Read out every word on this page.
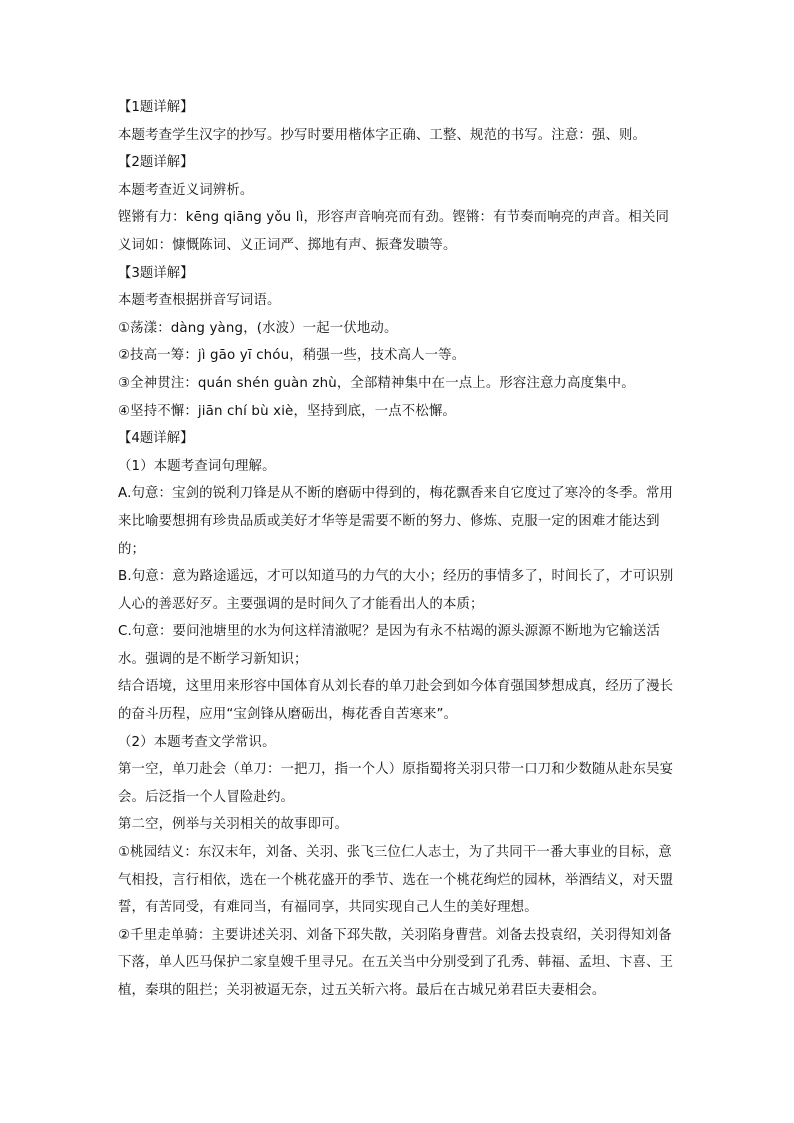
【1题详解】

本题考查学生汉字的抄写。抄写时要用楷体字正确、工整、规范的书写。注意：强、则。

【2题详解】

本题考查近义词辨析。

铿锵有力：kēng qiāng yǒu lì，形容声音响亮而有劲。铿锵：有节奏而响亮的声音。相关同义词如：慷慨陈词、义正词严、掷地有声、振聋发聩等。

【3题详解】

本题考查根据拼音写词语。

①荡漾：dàng yàng，(水波）一起一伏地动。

②技高一筹：jì gāo yī chóu，稍强一些，技术高人一等。

③全神贯注：quán shén guàn zhù，全部精神集中在一点上。形容注意力高度集中。

④坚持不懈：jiān chí bù xiè，坚持到底，一点不松懈。

【4题详解】

（1）本题考查词句理解。

A.句意：宝剑的锐利刀锋是从不断的磨砺中得到的，梅花飘香来自它度过了寒冷的冬季。常用来比喻要想拥有珍贵品质或美好才华等是需要不断的努力、修炼、克服一定的困难才能达到的；

B.句意：意为路途遥远，才可以知道马的力气的大小；经历的事情多了，时间长了，才可识别人心的善恶好歹。主要强调的是时间久了才能看出人的本质；

C.句意：要问池塘里的水为何这样清澈呢？是因为有永不枯竭的源头源源不断地为它输送活水。强调的是不断学习新知识；

结合语境，这里用来形容中国体育从刘长春的单刀赴会到如今体育强国梦想成真，经历了漫长的奋斗历程，应用“宝剑锋从磨砺出，梅花香自苦寒来”。

（2）本题考查文学常识。

第一空，单刀赴会（单刀：一把刀，指一个人）原指蜀将关羽只带一口刀和少数随从赴东吴宴会。后泛指一个人冒险赴约。

第二空，例举与关羽相关的故事即可。

①桃园结义：东汉末年，刘备、关羽、张飞三位仁人志士，为了共同干一番大事业的目标，意气相投，言行相依，选在一个桃花盛开的季节、选在一个桃花绚烂的园林，举酒结义，对天盟誓，有苦同受，有难同当，有福同享，共同实现自己人生的美好理想。

②千里走单骑：主要讲述关羽、刘备下邳失散，关羽陷身曹营。刘备去投袁绍，关羽得知刘备下落，单人匹马保护二家皇嫂千里寻兄。在五关当中分别受到了孔秀、韩福、孟坦、卞喜、王植，秦琪的阻拦；关羽被逼无奈，过五关斩六将。最后在古城兄弟君臣夫妻相会。
